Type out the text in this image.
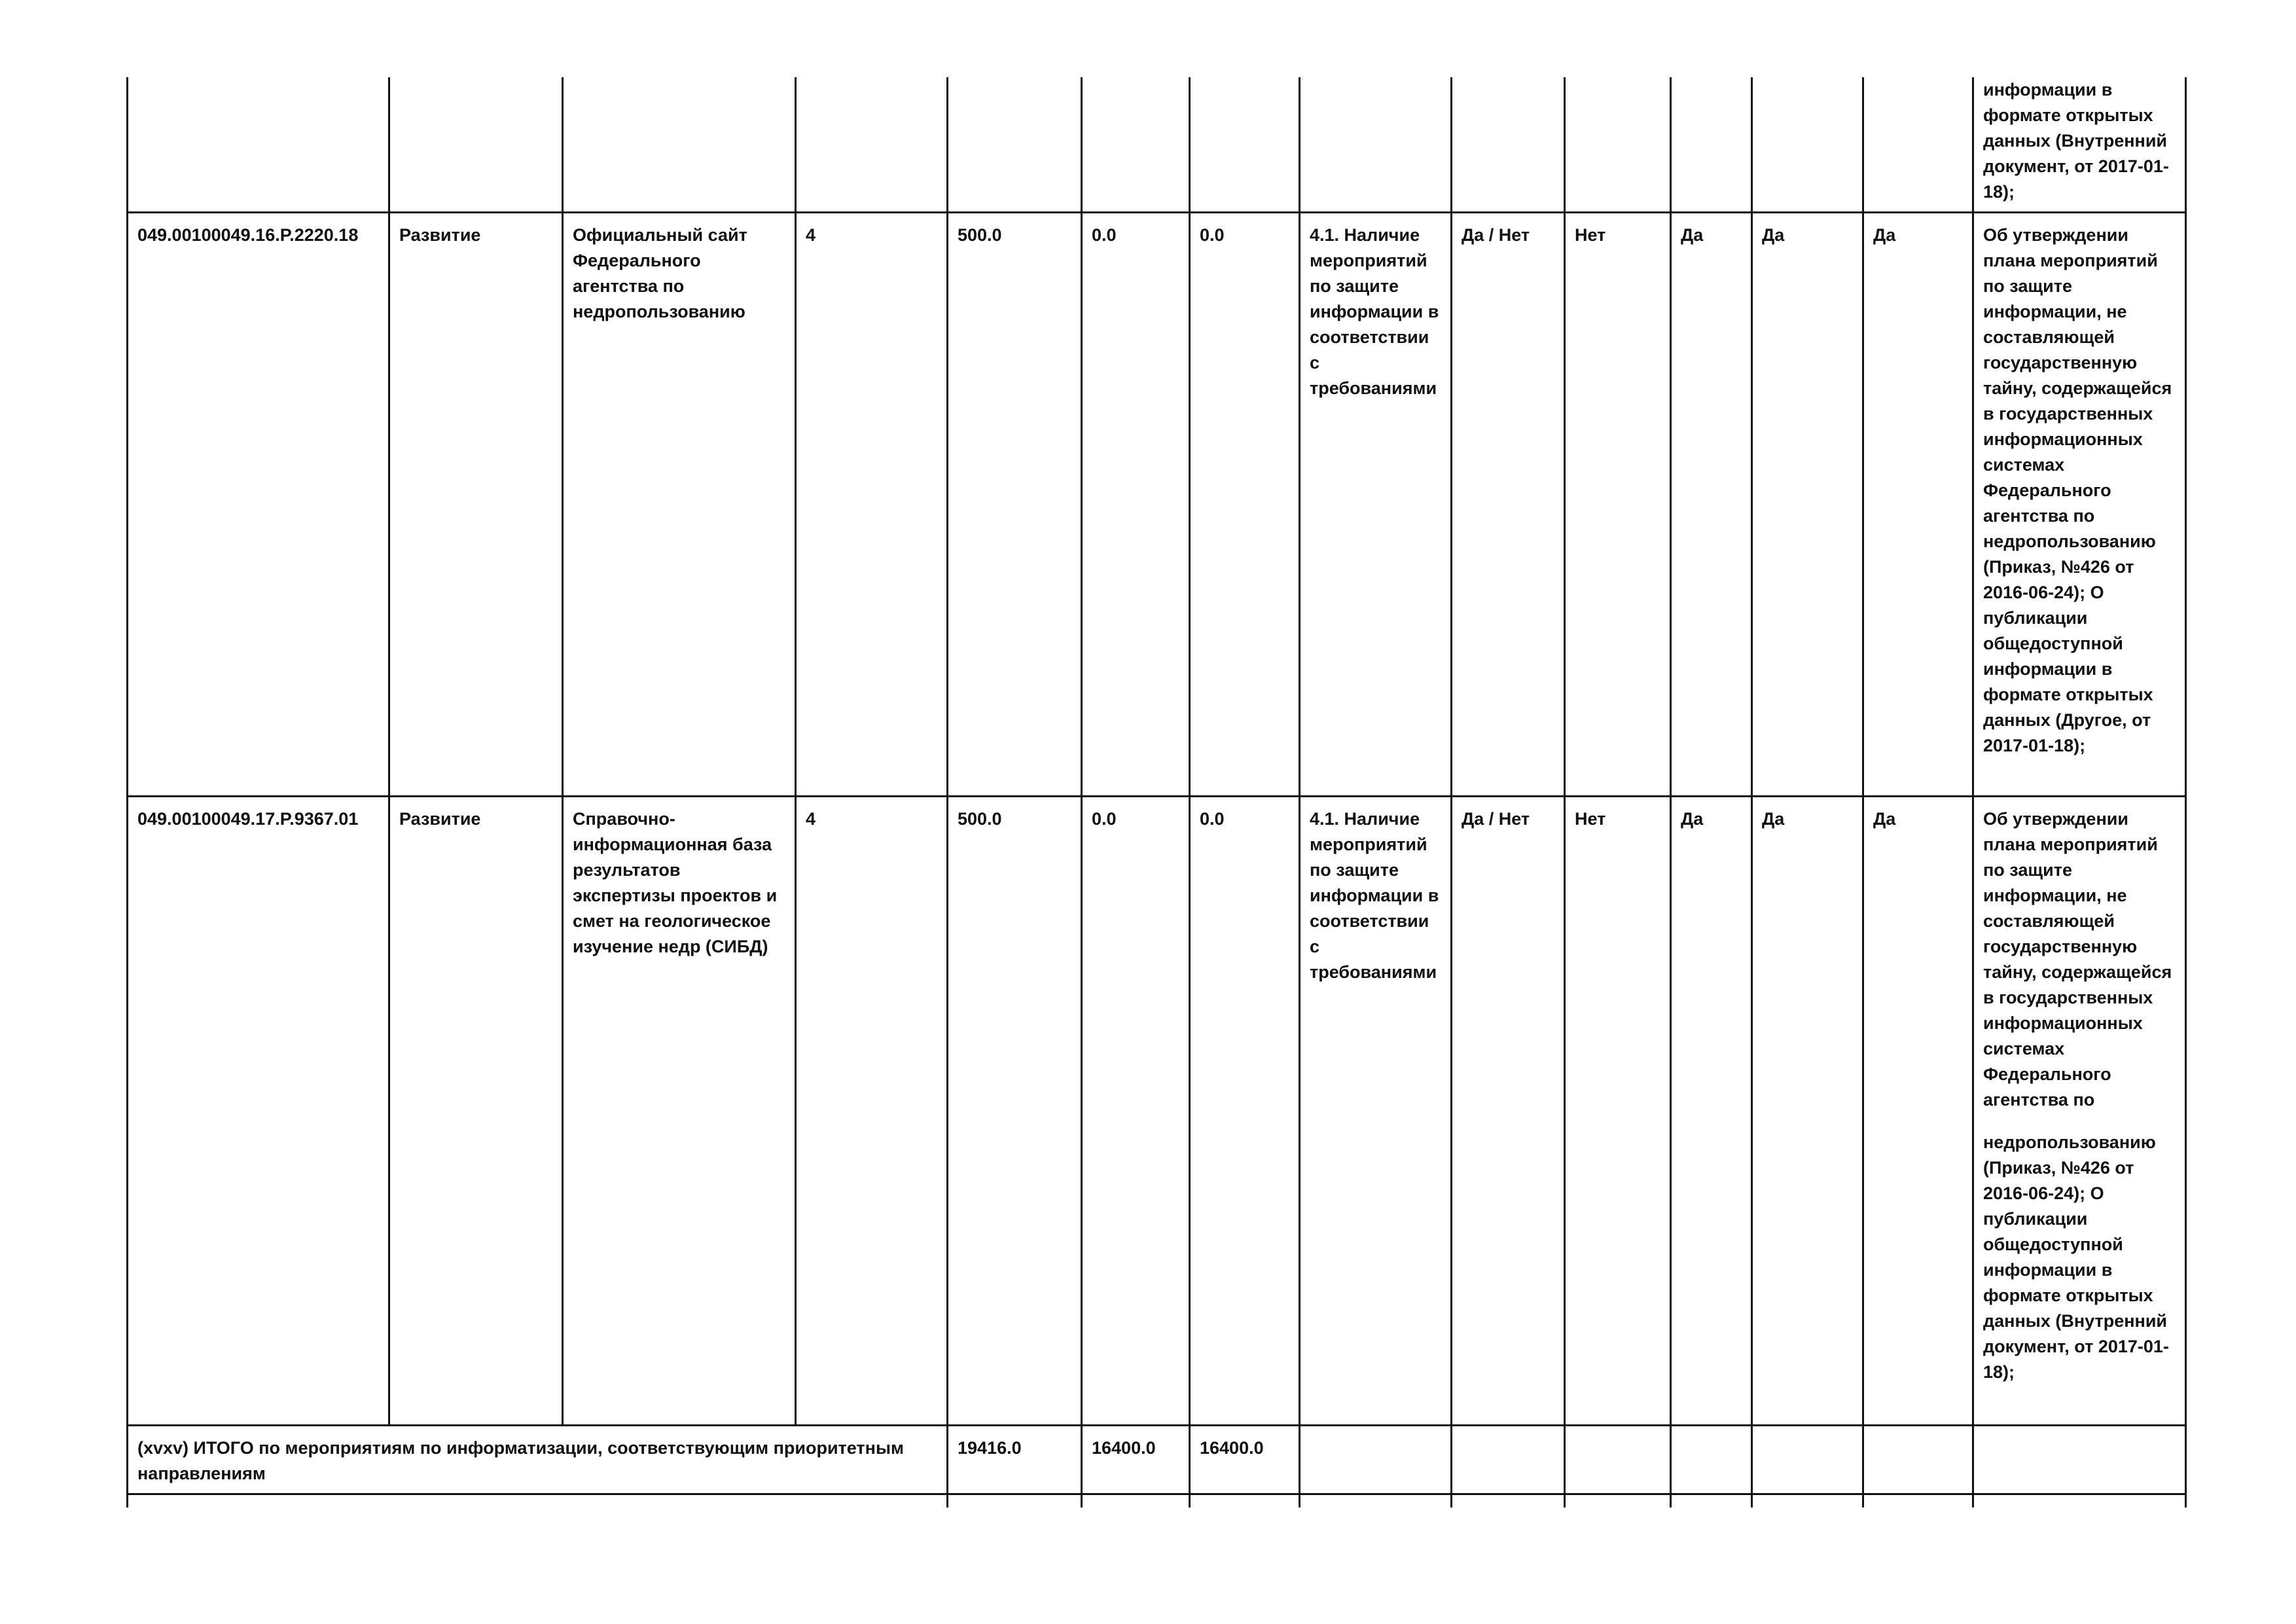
													информации в формате открытых данных (Внутренний документ, от 2017-01-18);
049.00100049.16.P.2220.18	Развитие	Официальный сайт Федерального агентства по недропользованию	4	500.0	0.0	0.0	4.1. Наличие мероприятий по защите информации в соответствии с требованиями	Да / Нет	Нет	Да	Да	Да	Об утверждении плана мероприятий по защите информации, не составляющей государственную тайну, содержащейся в государственных информационных системах Федерального агентства по недропользованию (Приказ, №426 от 2016-06-24); О публикации общедоступной информации в формате открытых данных (Другое, от 2017-01-18);
049.00100049.17.P.9367.01	Развитие	Справочно-информационная база результатов экспертизы проектов и смет на геологическое изучение недр (СИБД)	4	500.0	0.0	0.0	4.1. Наличие мероприятий по защите информации в соответствии с требованиями	Да / Нет	Нет	Да	Да	Да	Об утверждении плана мероприятий по защите информации, не составляющей государственную тайну, содержащейся в государственных информационных системах Федерального агентства по
недропользованию (Приказ, №426 от 2016-06-24); О публикации общедоступной информации в формате открытых данных (Внутренний документ, от 2017-01-18);

(xvxv) ИТОГО по мероприятиям по информатизации, соответствующим приоритетным направлениям				19416.0	16400.0	16400.0							
